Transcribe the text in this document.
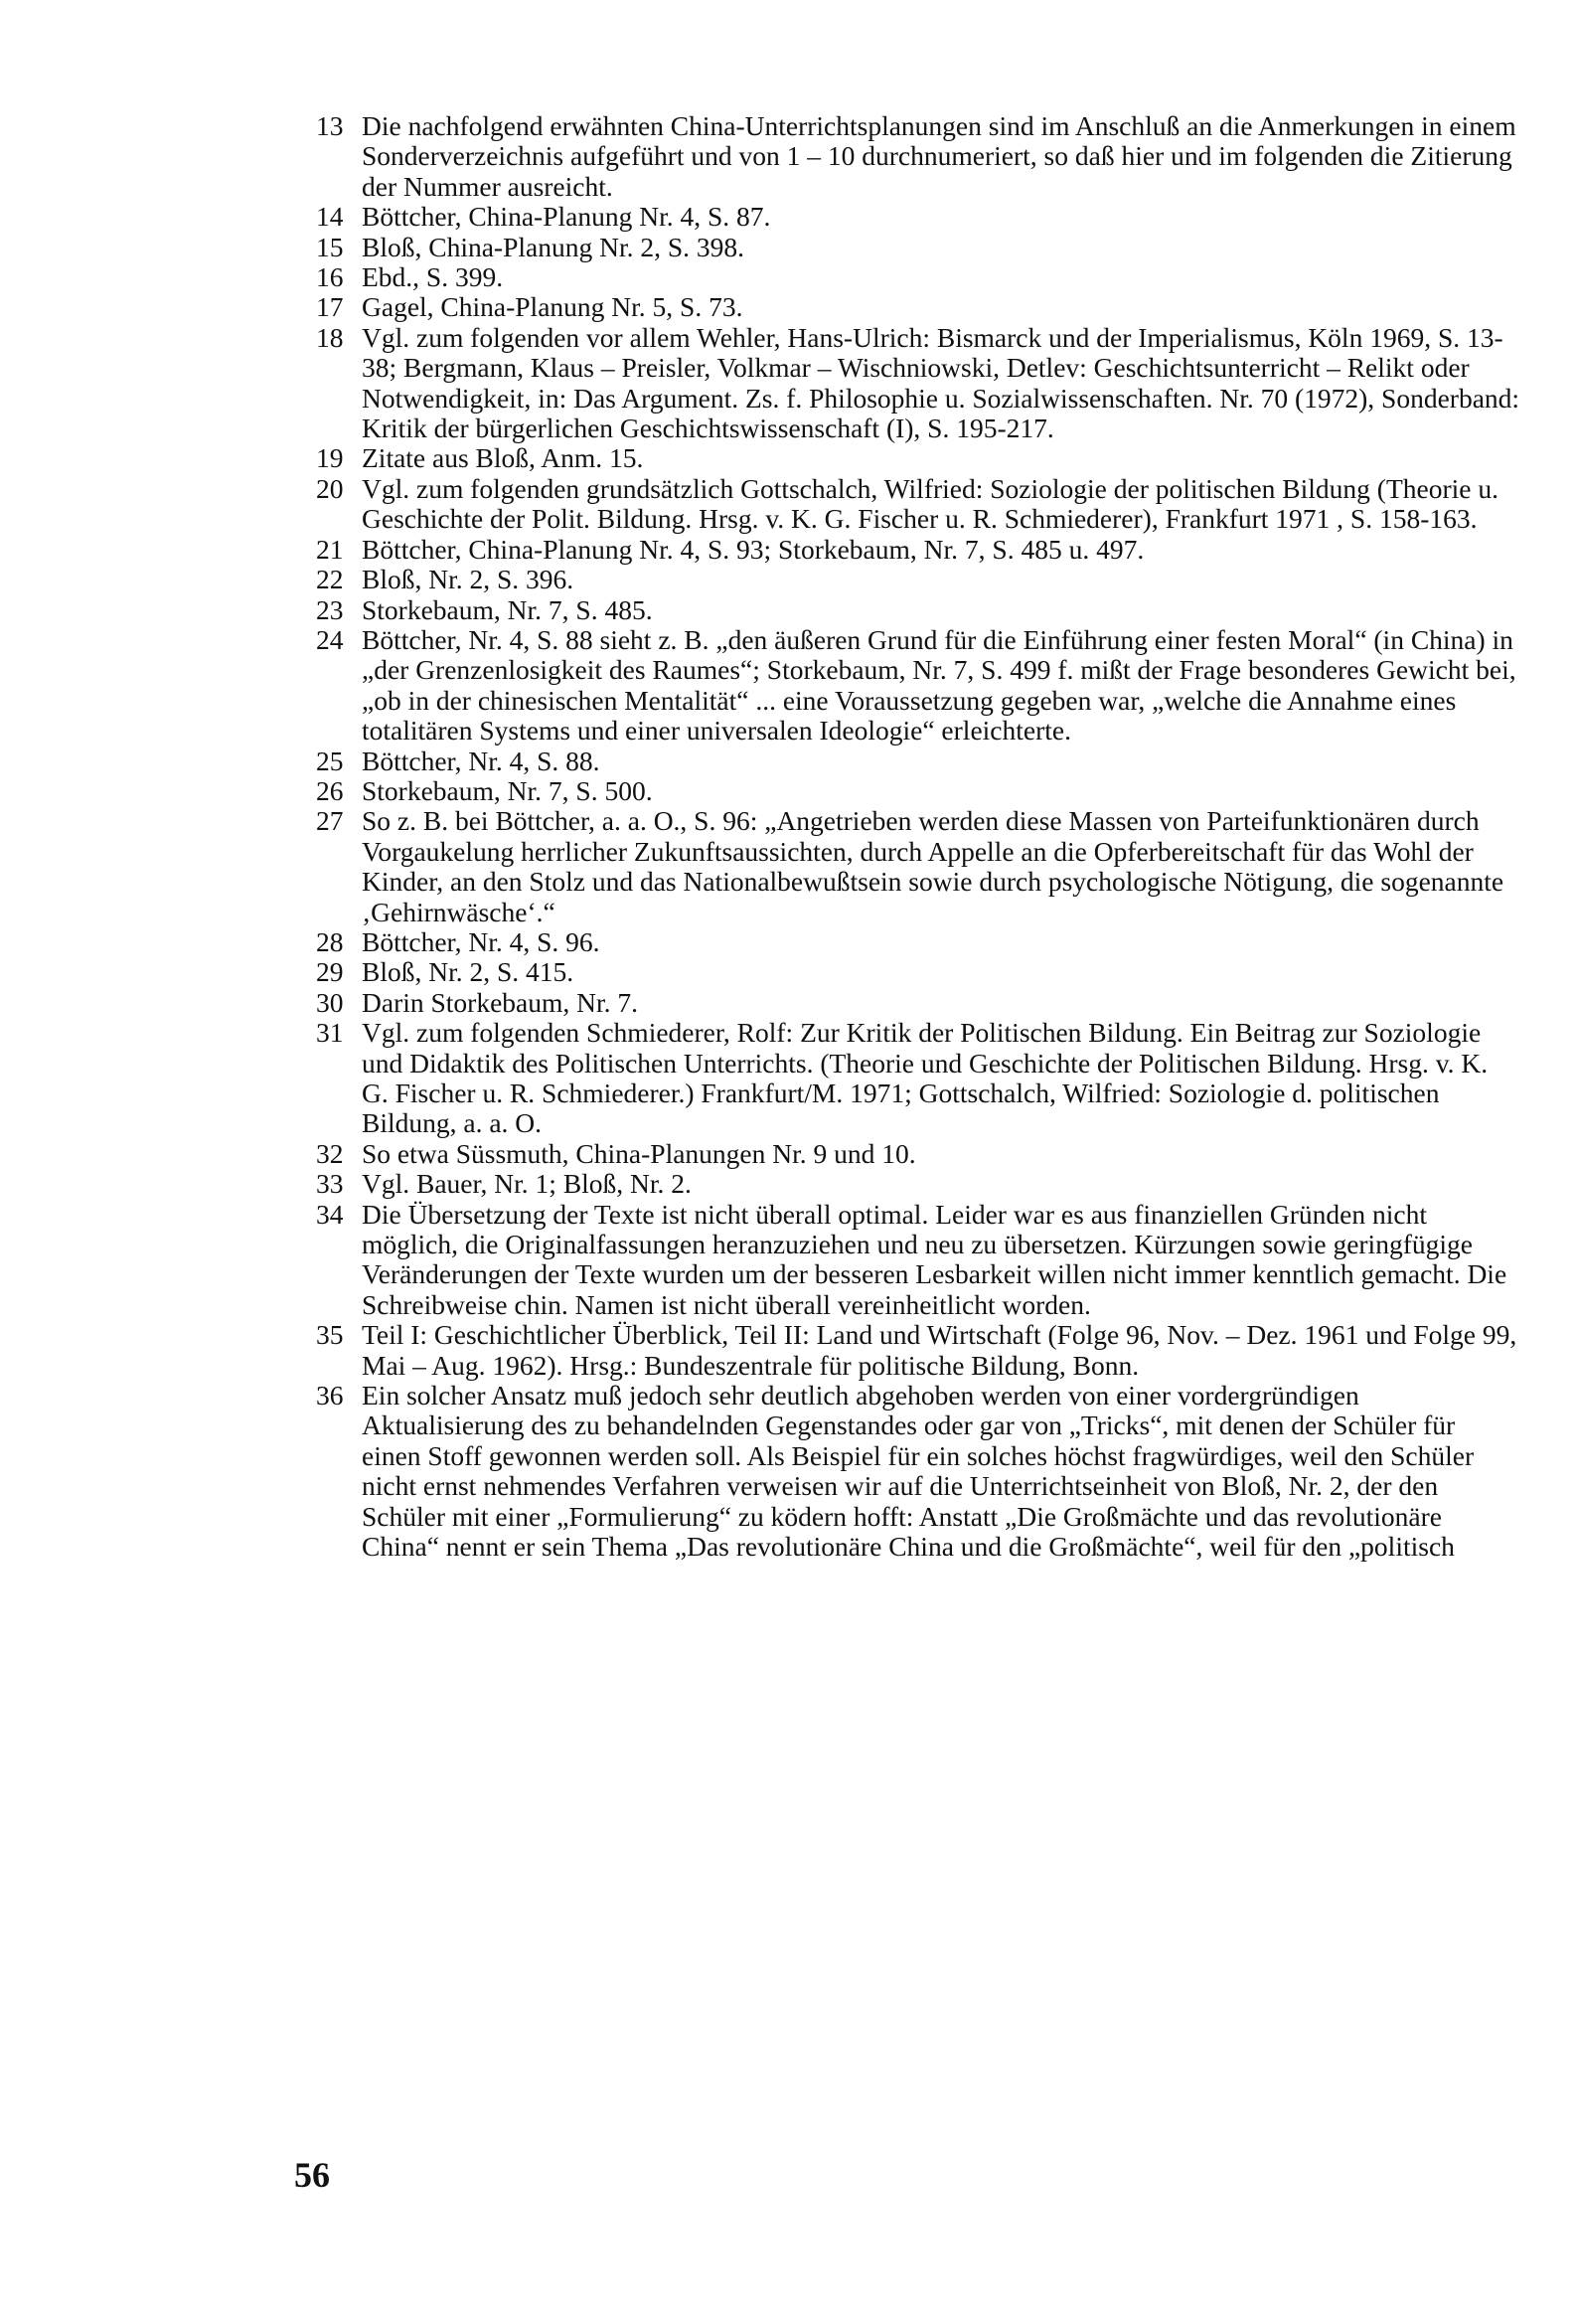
13 Die nachfolgend erwähnten China-Unterrichtsplanungen sind im Anschluß an die Anmerkungen in einem Sonderverzeichnis aufgeführt und von 1 – 10 durchnumeriert, so daß hier und im folgenden die Zitierung der Nummer ausreicht.
14 Böttcher, China-Planung Nr. 4, S. 87.
15 Bloß, China-Planung Nr. 2, S. 398.
16 Ebd., S. 399.
17 Gagel, China-Planung Nr. 5, S. 73.
18 Vgl. zum folgenden vor allem Wehler, Hans-Ulrich: Bismarck und der Imperialismus, Köln 1969, S. 13-38; Bergmann, Klaus – Preisler, Volkmar – Wischniowski, Detlev: Geschichtsunterricht – Relikt oder Notwendigkeit, in: Das Argument. Zs. f. Philosophie u. Sozialwissenschaften. Nr. 70 (1972), Sonderband: Kritik der bürgerlichen Geschichtswissenschaft (I), S. 195-217.
19 Zitate aus Bloß, Anm. 15.
20 Vgl. zum folgenden grundsätzlich Gottschalch, Wilfried: Soziologie der politischen Bildung (Theorie u. Geschichte der Polit. Bildung. Hrsg. v. K. G. Fischer u. R. Schmiederer), Frankfurt 1971 , S. 158-163.
21 Böttcher, China-Planung Nr. 4, S. 93; Storkebaum, Nr. 7, S. 485 u. 497.
22 Bloß, Nr. 2, S. 396.
23 Storkebaum, Nr. 7, S. 485.
24 Böttcher, Nr. 4, S. 88 sieht z. B. „den äußeren Grund für die Einführung einer festen Moral“ (in China) in „der Grenzenlosigkeit des Raumes“; Storkebaum, Nr. 7, S. 499 f. mißt der Frage besonderes Gewicht bei, „ob in der chinesischen Mentalität“ ... eine Voraussetzung gegeben war, „welche die Annahme eines totalitären Systems und einer universalen Ideologie“ erleichterte.
25 Böttcher, Nr. 4, S. 88.
26 Storkebaum, Nr. 7, S. 500.
27 So z. B. bei Böttcher, a. a. O., S. 96: „Angetrieben werden diese Massen von Parteifunktionären durch Vorgaukelung herrlicher Zukunftsaussichten, durch Appelle an die Opferbereitschaft für das Wohl der Kinder, an den Stolz und das Nationalbewußtsein sowie durch psychologische Nötigung, die sogenannte ‚Gehirnwäsche‘.“
28 Böttcher, Nr. 4, S. 96.
29 Bloß, Nr. 2, S. 415.
30 Darin Storkebaum, Nr. 7.
31 Vgl. zum folgenden Schmiederer, Rolf: Zur Kritik der Politischen Bildung. Ein Beitrag zur Soziologie und Didaktik des Politischen Unterrichts. (Theorie und Geschichte der Politischen Bildung. Hrsg. v. K. G. Fischer u. R. Schmiederer.) Frankfurt/M. 1971; Gottschalch, Wilfried: Soziologie d. politischen Bildung, a. a. O.
32 So etwa Süssmuth, China-Planungen Nr. 9 und 10.
33 Vgl. Bauer, Nr. 1; Bloß, Nr. 2.
34 Die Übersetzung der Texte ist nicht überall optimal. Leider war es aus finanziellen Gründen nicht möglich, die Originalfassungen heranzuziehen und neu zu übersetzen. Kürzungen sowie geringfügige Veränderungen der Texte wurden um der besseren Lesbarkeit willen nicht immer kenntlich gemacht. Die Schreibweise chin. Namen ist nicht überall vereinheitlicht worden.
35 Teil I: Geschichtlicher Überblick, Teil II: Land und Wirtschaft (Folge 96, Nov. – Dez. 1961 und Folge 99, Mai – Aug. 1962). Hrsg.: Bundeszentrale für politische Bildung, Bonn.
36 Ein solcher Ansatz muß jedoch sehr deutlich abgehoben werden von einer vordergründigen Aktualisierung des zu behandelnden Gegenstandes oder gar von „Tricks“, mit denen der Schüler für einen Stoff gewonnen werden soll. Als Beispiel für ein solches höchst fragwürdiges, weil den Schüler nicht ernst nehmendes Verfahren verweisen wir auf die Unterrichtseinheit von Bloß, Nr. 2, der den Schüler mit einer „Formulierung“ zu ködern hofft: Anstatt „Die Großmächte und das revolutionäre China“ nennt er sein Thema „Das revolutionäre China und die Großmächte“, weil für den „politisch
56
